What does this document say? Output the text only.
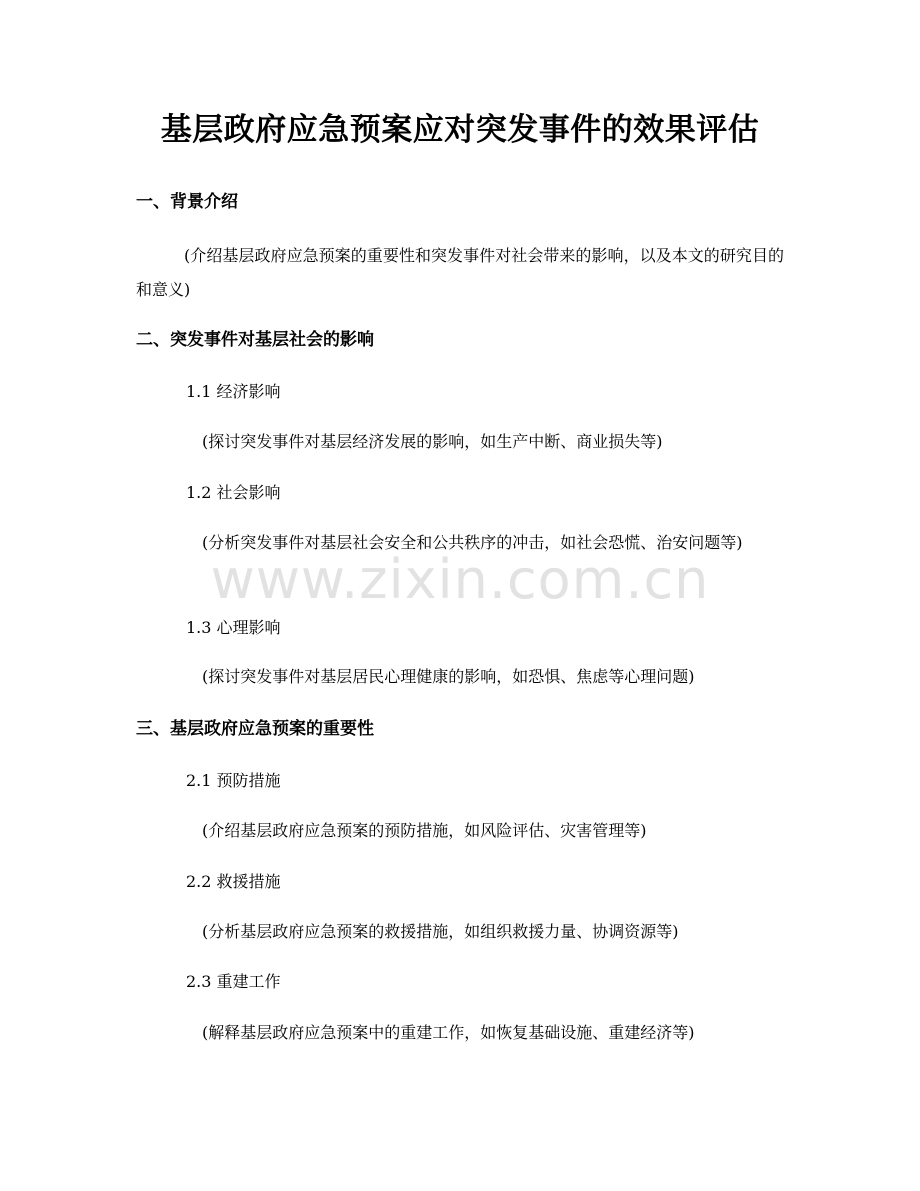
基层政府应急预案应对突发事件的效果评估
一、背景介绍
(介绍基层政府应急预案的重要性和突发事件对社会带来的影响，以及本文的研究目的和意义)
二、突发事件对基层社会的影响
1.1 经济影响
(探讨突发事件对基层经济发展的影响，如生产中断、商业损失等)
1.2 社会影响
(分析突发事件对基层社会安全和公共秩序的冲击，如社会恐慌、治安问题等)
1.3 心理影响
(探讨突发事件对基层居民心理健康的影响，如恐惧、焦虑等心理问题)
三、基层政府应急预案的重要性
2.1 预防措施
(介绍基层政府应急预案的预防措施，如风险评估、灾害管理等)
2.2 救援措施
(分析基层政府应急预案的救援措施，如组织救援力量、协调资源等)
2.3 重建工作
(解释基层政府应急预案中的重建工作，如恢复基础设施、重建经济等)
www.zixin.com.cn
